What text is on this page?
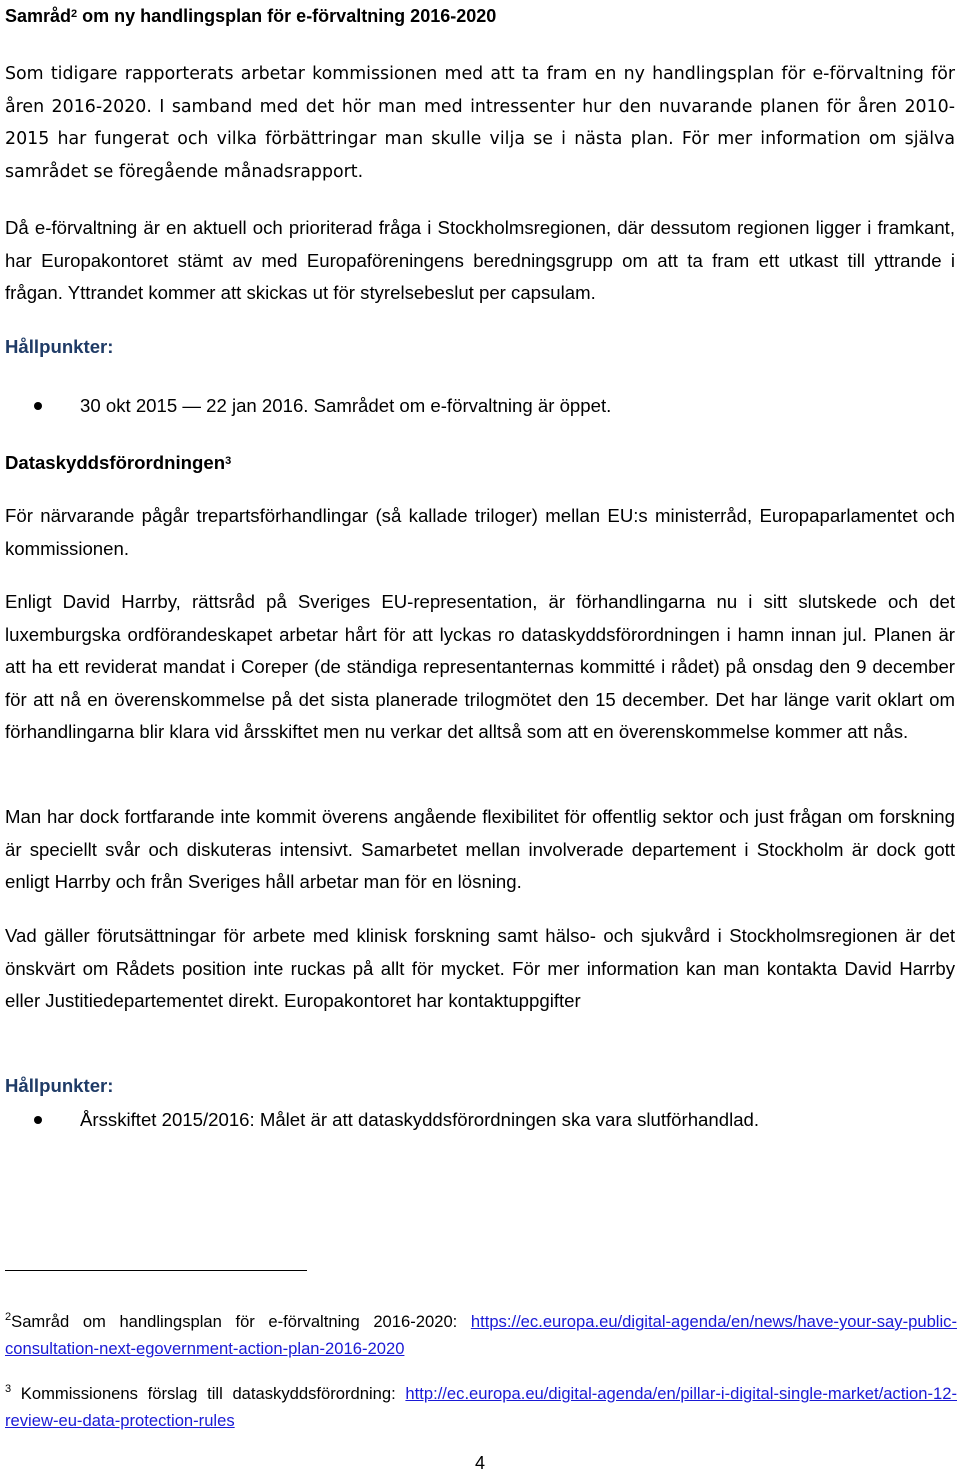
Samråd$^2$ om ny handlingsplan för e-förvaltning 2016-2020

Som tidigare rapporterats arbetar kommissionen med att ta fram en ny handlingsplan för e-förvaltning för åren 2016-2020. I samband med det hör man med intressenter hur den nuvarande planen för åren 2010-2015 har fungerat och vilka förbättringar man skulle vilja se i nästa plan. För mer information om själva samrådet se föregående månadsrapport.

Då e-förvaltning är en aktuell och prioriterad fråga i Stockholmsregionen, där dessutom regionen ligger i framkant, har Europakontoret stämt av med Europaföreningens beredningsgrupp om att ta fram ett utkast till yttrande i frågan. Yttrandet kommer att skickas ut för styrelsebeslut per capsulam.

Hållpunkter:

30 okt 2015 — 22 jan 2016. Samrådet om e-förvaltning är öppet.
Dataskyddsförordningen$^3$

För närvarande pågår trepartsförhandlingar (så kallade triloger) mellan EU:s ministerråd, Europaparlamentet och kommissionen.

Enligt David Harrby, rättsråd på Sveriges EU-representation, är förhandlingarna nu i sitt slutskede och det luxemburgska ordförandeskapet arbetar hårt för att lyckas ro dataskyddsförordningen i hamn innan jul. Planen är att ha ett reviderat mandat i Coreper (de ständiga representanternas kommitté i rådet) på onsdag den 9 december för att nå en överenskommelse på det sista planerade trilogmötet den 15 december. Det har länge varit oklart om förhandlingarna blir klara vid årsskiftet men nu verkar det alltså som att en överenskommelse kommer att nås.

Man har dock fortfarande inte kommit överens angående flexibilitet för offentlig sektor och just frågan om forskning är speciellt svår och diskuteras intensivt. Samarbetet mellan involverade departement i Stockholm är dock gott enligt Harrby och från Sveriges håll arbetar man för en lösning.

Vad gäller förutsättningar för arbete med klinisk forskning samt hälso- och sjukvård i Stockholmsregionen är det önskvärt om Rådets position inte ruckas på allt för mycket. För mer information kan man kontakta David Harrby eller Justitiedepartementet direkt. Europakontoret har kontaktuppgifter

Hållpunkter:

Årsskiftet 2015/2016: Målet är att dataskyddsförordningen ska vara slutförhandlad.

$^2$Samråd om handlingsplan för e-förvaltning 2016-2020: https://ec.europa.eu/digital-agenda/en/news/have-your-say-public-consultation-next-egovernment-action-plan-2016-2020

$^3$ Kommissionens förslag till dataskyddsförordning: http://ec.europa.eu/digital-agenda/en/pillar-i-digital-single-market/action-12-review-eu-data-protection-rules

4
